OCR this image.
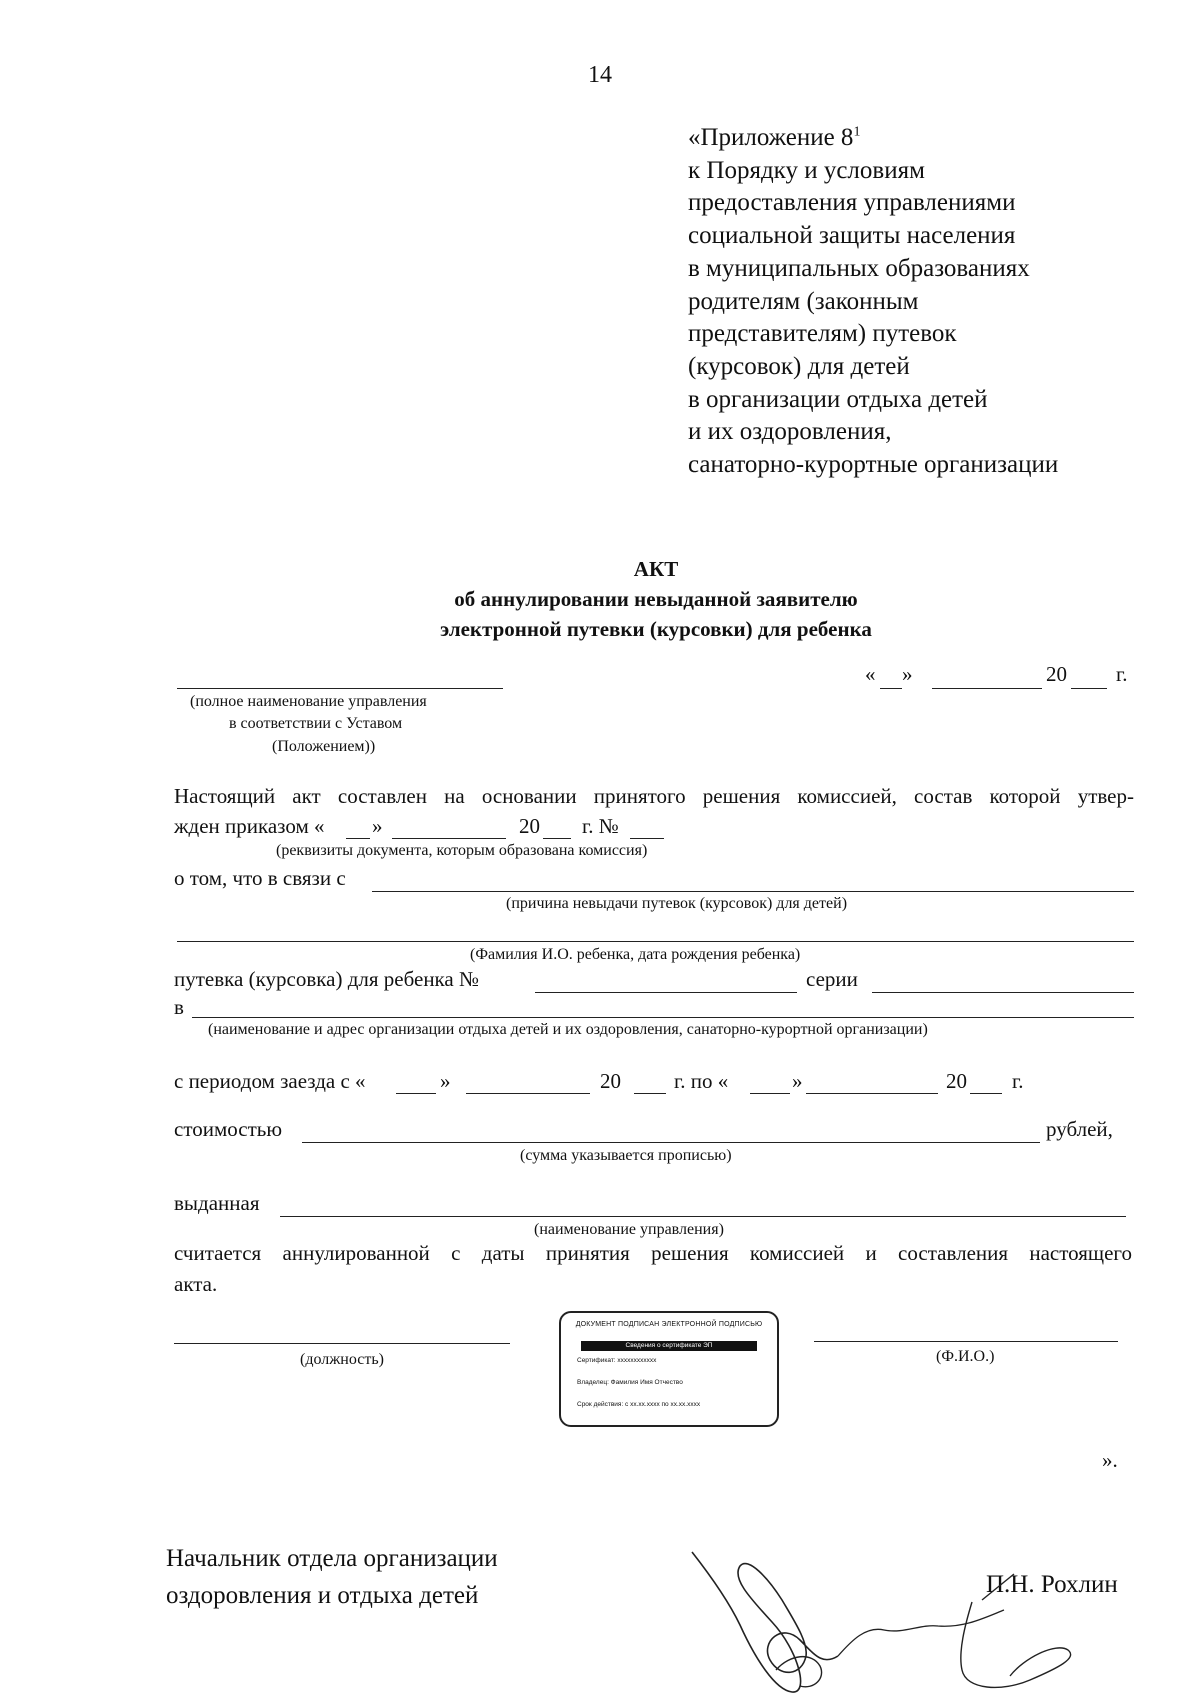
14
«Приложение $8^1$
к Порядку и условиям
предоставления управлениями
социальной защиты населения
в муниципальных образованиях
родителям (законным
представителям) путевок
(курсовок) для детей
в организации отдыха детей
и их оздоровления,
санаторно-курортные организации
АКТ
об аннулировании невыданной заявителю
электронной путевки (курсовки) для ребенка
(полное наименование управления
в соответствии с Уставом
(Положением))
« »	20 г.
Настоящий акт составлен на основании принятого решения комиссией, состав которой утвер-
жден приказом « »	20 г. №
(реквизиты документа, которым образована комиссия)
о том, что в связи с
(причина невыдачи путевок (курсовок) для детей)
(Фамилия И.О. ребенка, дата рождения ребенка)
путевка (курсовка) для ребенка №	серии
в
(наименование и адрес организации отдыха детей и их оздоровления, санаторно-курортной организации)
с периодом заезда с «	»	20	г. по «	»	20 г.
стоимостью	рублей,
(сумма указывается прописью)
выданная
(наименование управления)
считается аннулированной с даты принятия решения комиссией и составления настоящего
акта.
(должность)	(Ф.И.О.)
ДОКУМЕНТ ПОДПИСАН ЭЛЕКТРОННОЙ ПОДПИСЬЮ
Сведения о сертификате ЭП
Сертификат: хххххххххххх
Владелец: Фамилия Имя Отчество
Срок действия: с хх.хх.хххх по хх.хх.хххх
».
Начальник отдела организации
оздоровления и отдыха детей	П.Н. Рохлин
